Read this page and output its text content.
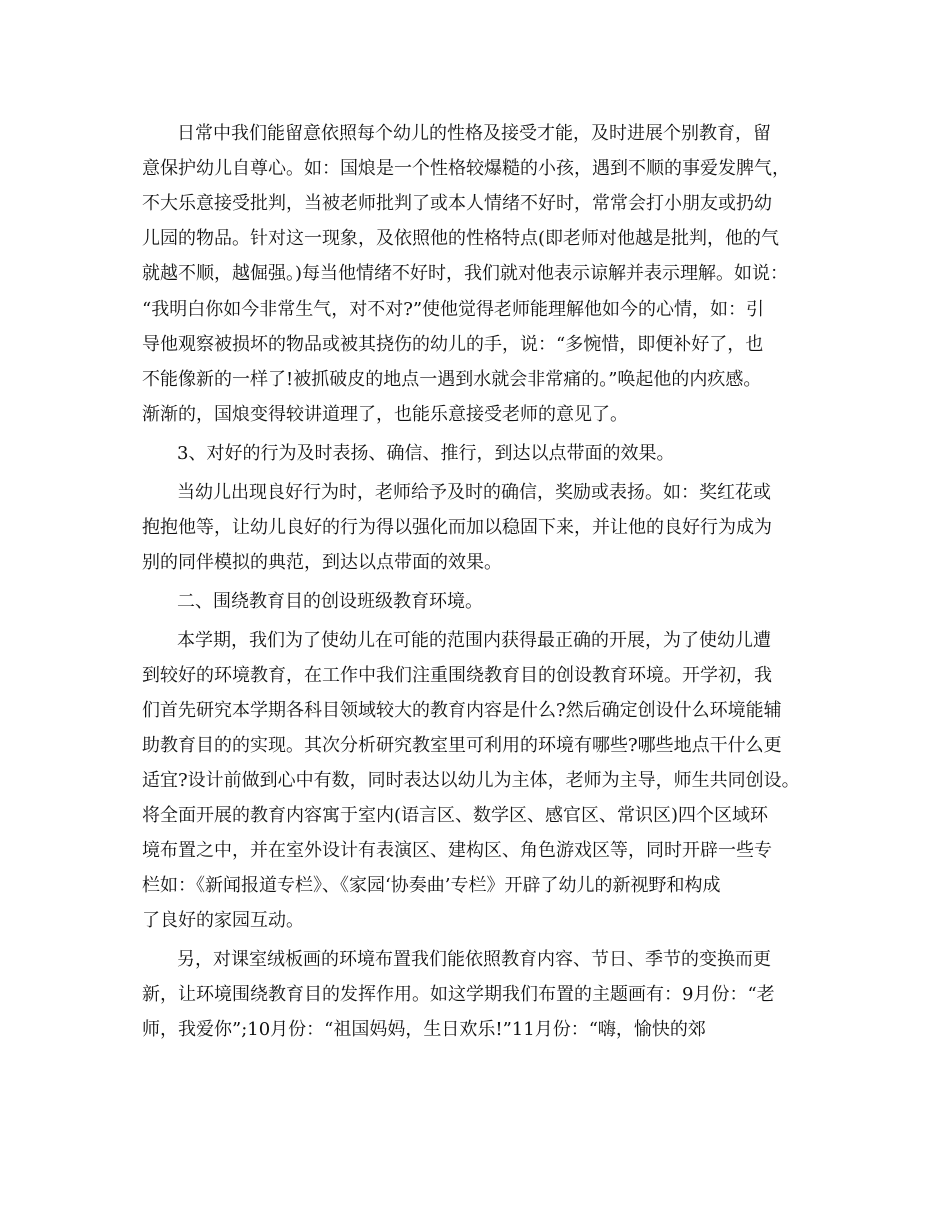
日常中我们能留意依照每个幼儿的性格及接受才能，及时进展个别教育，留
意保护幼儿自尊心。如：国烺是一个性格较爆糙的小孩，遇到不顺的事爱发脾气，
不大乐意接受批判，当被老师批判了或本人情绪不好时，常常会打小朋友或扔幼
儿园的物品。针对这一现象，及依照他的性格特点(即老师对他越是批判，他的气
就越不顺，越倔强。)每当他情绪不好时，我们就对他表示谅解并表示理解。如说：
“我明白你如今非常生气，对不对?”使他觉得老师能理解他如今的心情，如：引
导他观察被损坏的物品或被其挠伤的幼儿的手，说：“多惋惜，即便补好了，也
不能像新的一样了!被抓破皮的地点一遇到水就会非常痛的。”唤起他的内疚感。
渐渐的，国烺变得较讲道理了，也能乐意接受老师的意见了。
3、对好的行为及时表扬、确信、推行，到达以点带面的效果。
当幼儿出现良好行为时，老师给予及时的确信，奖励或表扬。如：奖红花或
抱抱他等，让幼儿良好的行为得以强化而加以稳固下来，并让他的良好行为成为
别的同伴模拟的典范，到达以点带面的效果。
二、围绕教育目的创设班级教育环境。
本学期，我们为了使幼儿在可能的范围内获得最正确的开展，为了使幼儿遭
到较好的环境教育，在工作中我们注重围绕教育目的创设教育环境。开学初，我
们首先研究本学期各科目领域较大的教育内容是什么?然后确定创设什么环境能辅
助教育目的的实现。其次分析研究教室里可利用的环境有哪些?哪些地点干什么更
适宜?设计前做到心中有数，同时表达以幼儿为主体，老师为主导，师生共同创设。
将全面开展的教育内容寓于室内(语言区、数学区、感官区、常识区)四个区域环
境布置之中，并在室外设计有表演区、建构区、角色游戏区等，同时开辟一些专
栏如：《新闻报道专栏》、《家园‘协奏曲’专栏》开辟了幼儿的新视野和构成
了良好的家园互动。
另，对课室绒板画的环境布置我们能依照教育内容、节日、季节的变换而更
新，让环境围绕教育目的发挥作用。如这学期我们布置的主题画有：9月份：“老
师，我爱你”;10月份：“祖国妈妈，生日欢乐!”11月份：“嗨，愉快的郊
